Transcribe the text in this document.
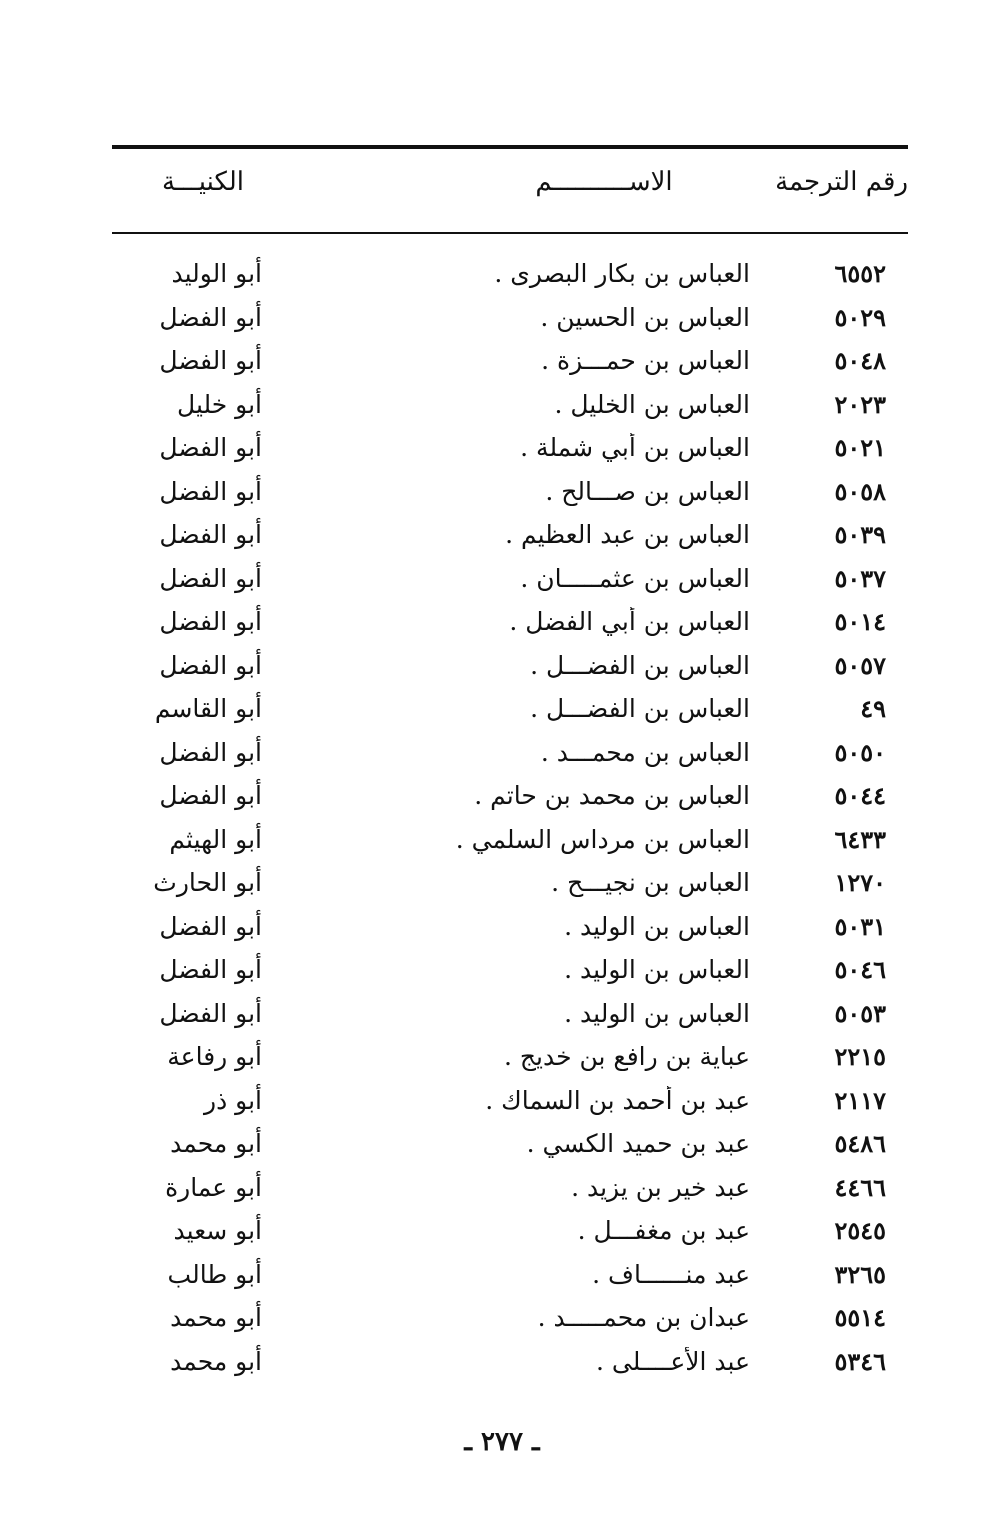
رقم الترجمة
الاســــــــــم
الكنيـــة
٦٥٥٢
العباس بن بكار البصرى .
أبو الوليد
٥٠٢٩
العباس بن الحسين .
أبو الفضل
٥٠٤٨
العباس بن حمـــزة .
أبو الفضل
٢٠٢٣
العباس بن الخليل .
أبو خليل
٥٠٢١
العباس بن أبي شملة .
أبو الفضل
٥٠٥٨
العباس بن صـــالح .
أبو الفضل
٥٠٣٩
العباس بن عبد العظيم .
أبو الفضل
٥٠٣٧
العباس بن عثمـــــان .
أبو الفضل
٥٠١٤
العباس بن أبي الفضل .
أبو الفضل
٥٠٥٧
العباس بن الفضـــل .
أبو الفضل
٤٩
العباس بن الفضـــل .
أبو القاسم
٥٠٥٠
العباس بن محمـــد .
أبو الفضل
٥٠٤٤
العباس بن محمد بن حاتم .
أبو الفضل
٦٤٣٣
العباس بن مرداس السلمي .
أبو الهيثم
١٢٧٠
العباس بن نجيـــح .
أبو الحارث
٥٠٣١
العباس بن الوليد .
أبو الفضل
٥٠٤٦
العباس بن الوليد .
أبو الفضل
٥٠٥٣
العباس بن الوليد .
أبو الفضل
٢٢١٥
عباية بن رافع بن خديج .
أبو رفاعة
٢١١٧
عبد بن أحمد بن السماك .
أبو ذر
٥٤٨٦
عبد بن حميد الكسي .
أبو محمد
٤٤٦٦
عبد خير بن يزيد .
أبو عمارة
٢٥٤٥
عبد بن مغفـــل .
أبو سعيد
٣٢٦٥
عبد منــــــاف .
أبو طالب
٥٥١٤
عبدان بن محمـــــد .
أبو محمد
٥٣٤٦
عبد الأعــــلى .
أبو محمد
ـ ٢٧٧ ـ
